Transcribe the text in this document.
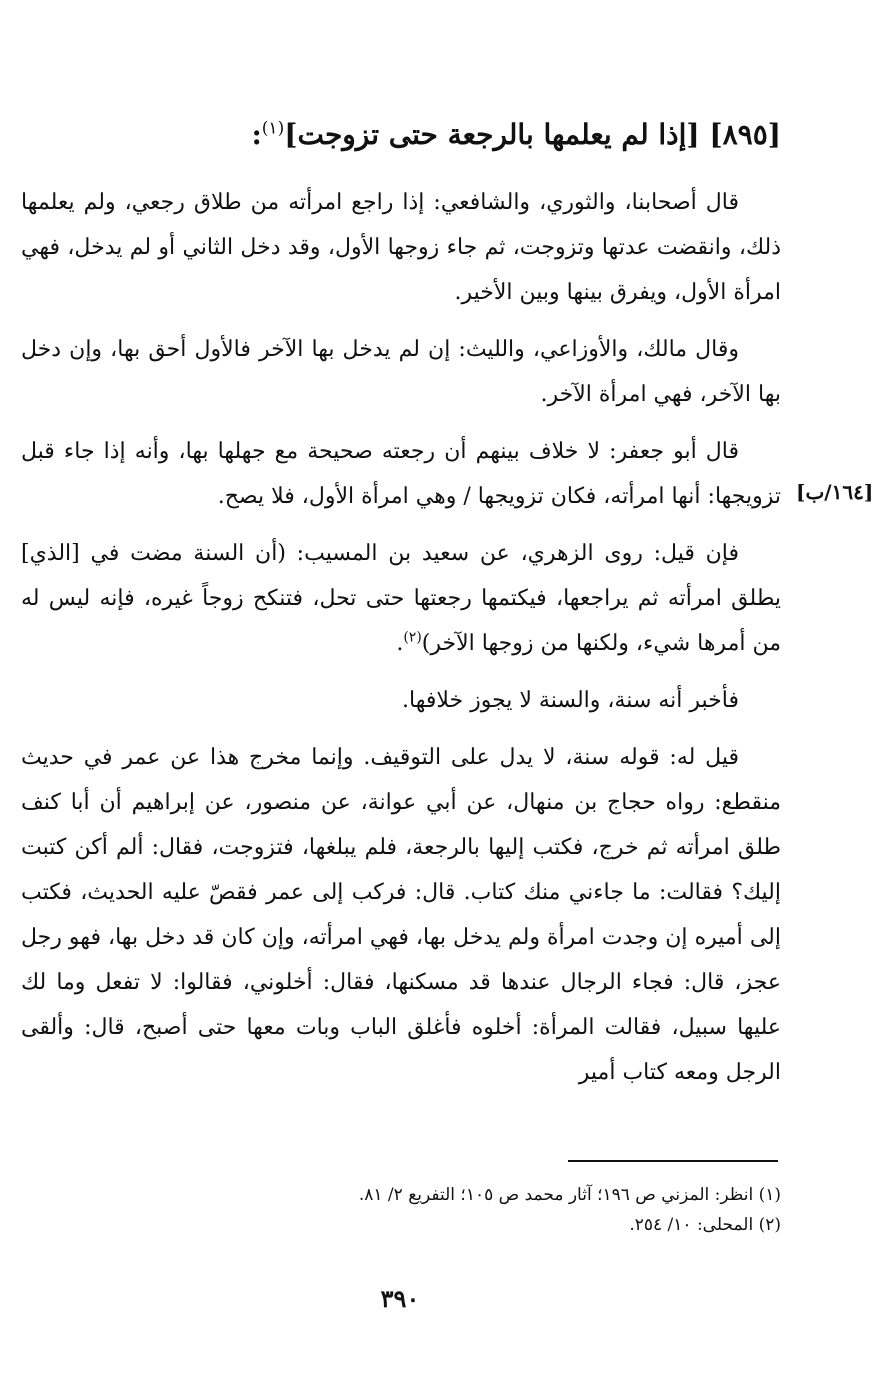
[٨٩٥] [إذا لم يعلمها بالرجعة حتى تزوجت]$^{(١)}$:

قال أصحابنا، والثوري، والشافعي: إذا راجع امرأته من طلاق رجعي، ولم يعلمها ذلك، وانقضت عدتها وتزوجت، ثم جاء زوجها الأول، وقد دخل الثاني أو لم يدخل، فهي امرأة الأول، ويفرق بينها وبين الأخير.

وقال مالك، والأوزاعي، والليث: إن لم يدخل بها الآخر فالأول أحق بها، وإن دخل بها الآخر، فهي امرأة الآخر.

قال أبو جعفر: لا خلاف بينهم أن رجعته صحيحة مع جهلها بها، وأنه إذا جاء قبل تزويجها: أنها امرأته، فكان تزويجها / وهي امرأة الأول، فلا يصح.

فإن قيل: روى الزهري، عن سعيد بن المسيب: (أن السنة مضت في [الذي] يطلق امرأته ثم يراجعها، فيكتمها رجعتها حتى تحل، فتنكح زوجاً غيره، فإنه ليس له من أمرها شيء، ولكنها من زوجها الآخر)$^{(٢)}$.

فأخبر أنه سنة، والسنة لا يجوز خلافها.

قيل له: قوله سنة، لا يدل على التوقيف. وإنما مخرج هذا عن عمر في حديث منقطع: رواه حجاج بن منهال، عن أبي عوانة، عن منصور، عن إبراهيم أن أبا كنف طلق امرأته ثم خرج، فكتب إليها بالرجعة، فلم يبلغها، فتزوجت، فقال: ألم أكن كتبت إليك؟ فقالت: ما جاءني منك كتاب. قال: فركب إلى عمر فقصّ عليه الحديث، فكتب إلى أميره إن وجدت امرأة ولم يدخل بها، فهي امرأته، وإن كان قد دخل بها، فهو رجل عجز، قال: فجاء الرجال عندها قد مسكنها، فقال: أخلوني، فقالوا: لا تفعل وما لك عليها سبيل، فقالت المرأة: أخلوه فأغلق الباب وبات معها حتى أصبح، قال: وألقى الرجل ومعه كتاب أمير

[١٦٤/ب]
(١) انظر: المزني ص ١٩٦؛ آثار محمد ص ١٠٥؛ التفريع ٢/ ٨١.
(٢) المحلى: ١٠/ ٢٥٤.
٣٩٠
